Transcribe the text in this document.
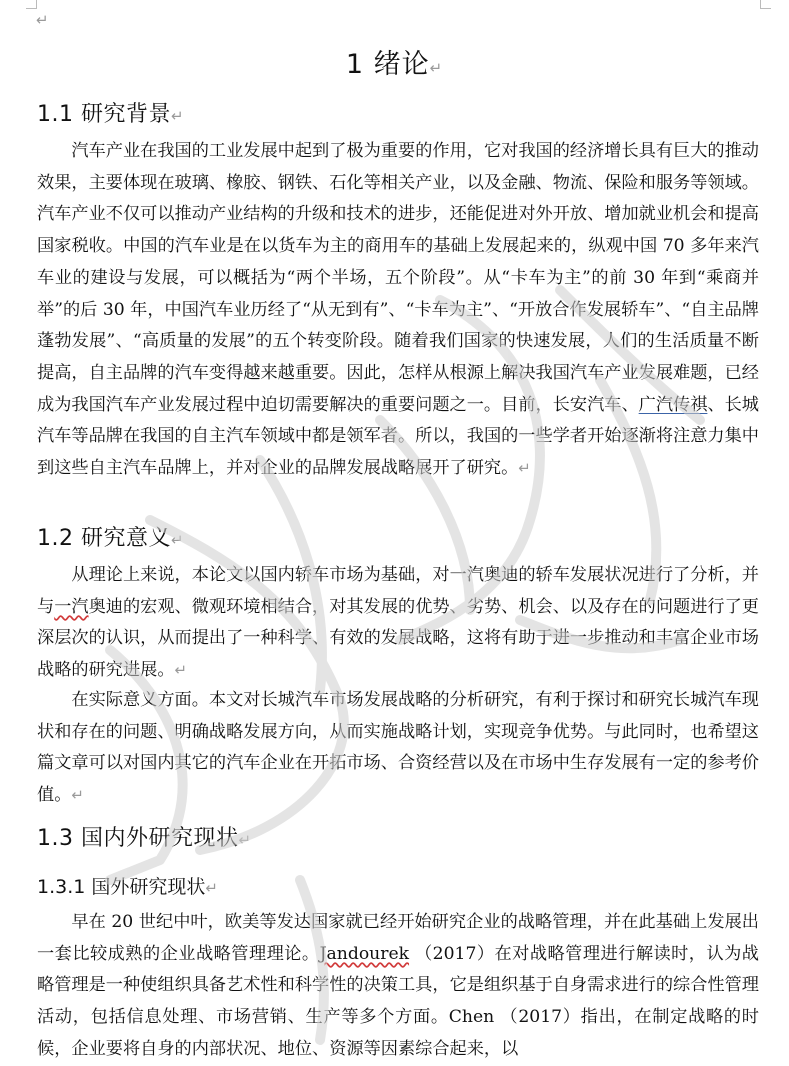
↵
1 绪论↵
1.1 研究背景↵

汽车产业在我国的工业发展中起到了极为重要的作用，它对我国的经济增长具有巨大的推动效果，主要体现在玻璃、橡胶、钢铁、石化等相关产业，以及金融、物流、保险和服务等领域。汽车产业不仅可以推动产业结构的升级和技术的进步，还能促进对外开放、增加就业机会和提高国家税收。中国的汽车业是在以货车为主的商用车的基础上发展起来的，纵观中国 70 多年来汽车业的建设与发展，可以概括为“两个半场，五个阶段”。从“卡车为主”的前 30 年到“乘商并举”的后 30 年，中国汽车业历经了“从无到有”、“卡车为主”、“开放合作发展轿车”、“自主品牌蓬勃发展”、“高质量的发展”的五个转变阶段。随着我们国家的快速发展，人们的生活质量不断提高，自主品牌的汽车变得越来越重要。因此，怎样从根源上解决我国汽车产业发展难题，已经成为我国汽车产业发展过程中迫切需要解决的重要问题之一。目前，长安汽车、广汽传祺、长城汽车等品牌在我国的自主汽车领域中都是领军者。所以，我国的一些学者开始逐渐将注意力集中到这些自主汽车品牌上，并对企业的品牌发展战略展开了研究。↵

1.2 研究意义↵

从理论上来说，本论文以国内轿车市场为基础，对一汽奥迪的轿车发展状况进行了分析，并与一汽奥迪的宏观、微观环境相结合，对其发展的优势、劣势、机会、以及存在的问题进行了更深层次的认识，从而提出了一种科学、有效的发展战略，这将有助于进一步推动和丰富企业市场战略的研究进展。↵

在实际意义方面。本文对长城汽车市场发展战略的分析研究，有利于探讨和研究长城汽车现状和存在的问题、明确战略发展方向，从而实施战略计划，实现竞争优势。与此同时，也希望这篇文章可以对国内其它的汽车企业在开拓市场、合资经营以及在市场中生存发展有一定的参考价值。↵

1.3 国内外研究现状↵
1.3.1 国外研究现状↵

早在 20 世纪中叶，欧美等发达国家就已经开始研究企业的战略管理，并在此基础上发展出一套比较成熟的企业战略管理理论。Jandourek （2017）在对战略管理进行解读时，认为战略管理是一种使组织具备艺术性和科学性的决策工具，它是组织基于自身需求进行的综合性管理活动，包括信息处理、市场营销、生产等多个方面。Chen （2017）指出，在制定战略的时候，企业要将自身的内部状况、地位、资源等因素综合起来，以
